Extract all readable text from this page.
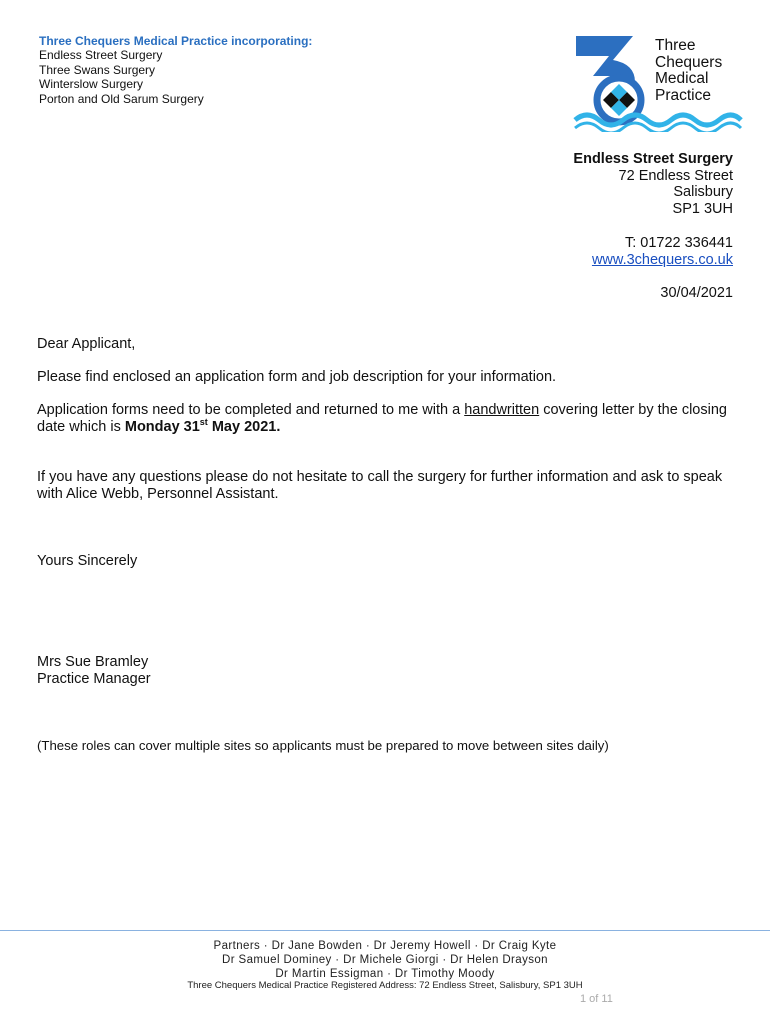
Three Chequers Medical Practice incorporating:
Endless Street Surgery
Three Swans Surgery
Winterslow Surgery
Porton and Old Sarum Surgery
Three
Chequers
Medical
Practice
Endless Street Surgery
72 Endless Street
Salisbury
SP1 3UH
T: 01722 336441
www.3chequers.co.uk
30/04/2021
Dear Applicant,
Please find enclosed an application form and job description for your information.
Application forms need to be completed and returned to me with a handwritten covering letter by the closing date which is Monday 31st May 2021.
If you have any questions please do not hesitate to call the surgery for further information and ask to speak with Alice Webb, Personnel Assistant.
Yours Sincerely
Mrs Sue Bramley
Practice Manager
(These roles can cover multiple sites so applicants must be prepared to move between sites daily)
Partners · Dr Jane Bowden · Dr Jeremy Howell · Dr Craig Kyte
Dr Samuel Dominey · Dr Michele Giorgi · Dr Helen Drayson
Dr Martin Essigman · Dr Timothy Moody
Three Chequers Medical Practice Registered Address: 72 Endless Street, Salisbury, SP1 3UH
1 of 11
